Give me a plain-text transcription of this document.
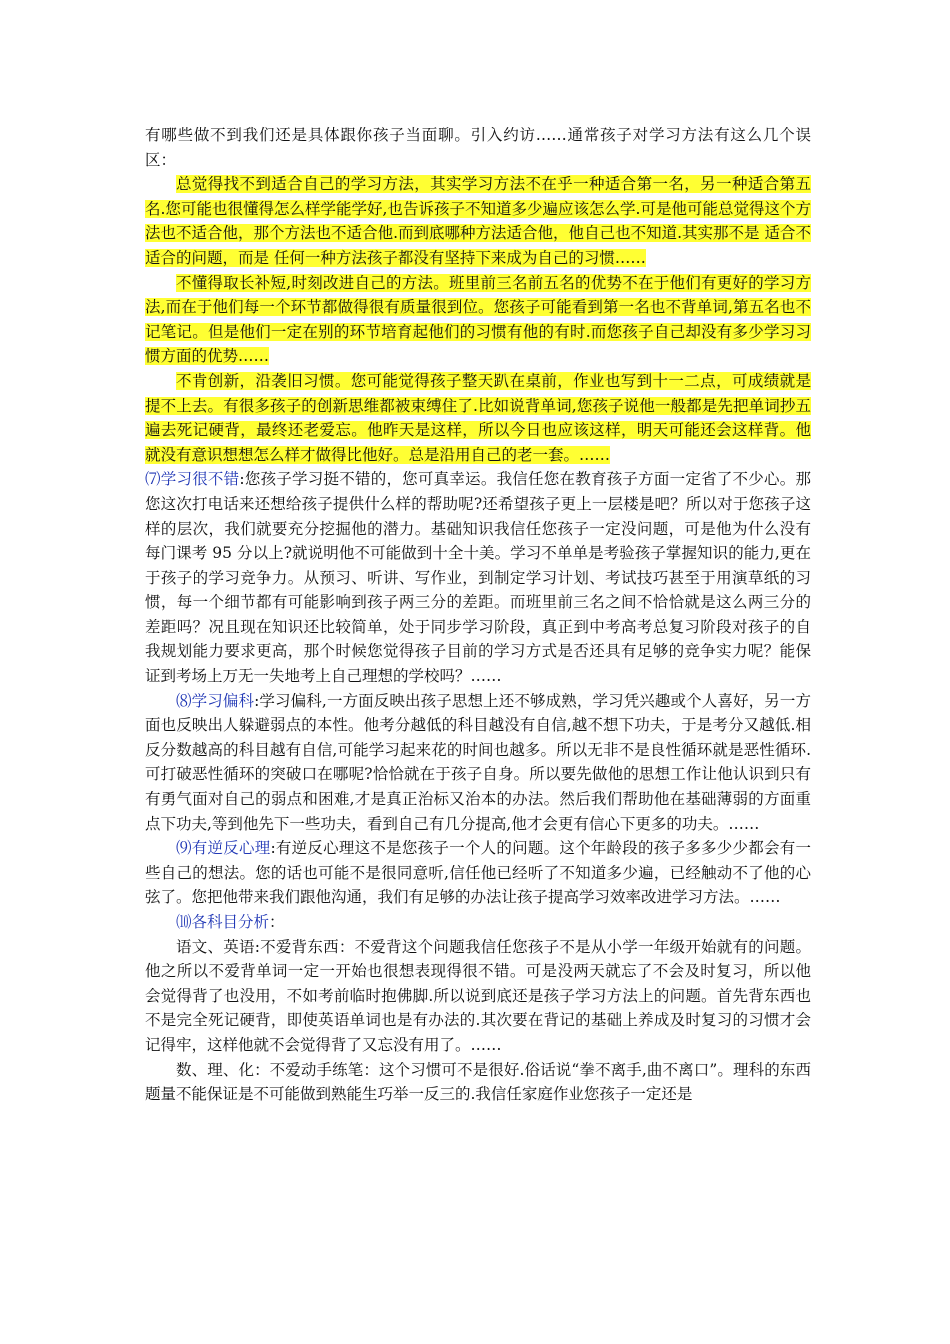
有哪些做不到我们还是具体跟你孩子当面聊。引入约访……通常孩子对学习方法有这么几个误区：

总觉得找不到适合自己的学习方法，其实学习方法不在乎一种适合第一名，另一种适合第五名.您可能也很懂得怎么样学能学好,也告诉孩子不知道多少遍应该怎么学.可是他可能总觉得这个方法也不适合他，那个方法也不适合他.而到底哪种方法适合他，他自己也不知道.其实那不是 适合不适合的问题，而是 任何一种方法孩子都没有坚持下来成为自己的习惯……

不懂得取长补短,时刻改进自己的方法。班里前三名前五名的优势不在于他们有更好的学习方法,而在于他们每一个环节都做得很有质量很到位。您孩子可能看到第一名也不背单词,第五名也不记笔记。但是他们一定在别的环节培育起他们的习惯有他的有时.而您孩子自己却没有多少学习习惯方面的优势……

不肯创新，沿袭旧习惯。您可能觉得孩子整天趴在桌前，作业也写到十一二点，可成绩就是提不上去。有很多孩子的创新思维都被束缚住了.比如说背单词,您孩子说他一般都是先把单词抄五遍去死记硬背，最终还老爱忘。他昨天是这样，所以今日也应该这样，明天可能还会这样背。他就没有意识想想怎么样才做得比他好。总是沿用自己的老一套。……

⑺学习很不错:您孩子学习挺不错的，您可真幸运。我信任您在教育孩子方面一定省了不少心。那您这次打电话来还想给孩子提供什么样的帮助呢?还希望孩子更上一层楼是吧？所以对于您孩子这样的层次，我们就要充分挖掘他的潜力。基础知识我信任您孩子一定没问题，可是他为什么没有每门课考 95 分以上?就说明他不可能做到十全十美。学习不单单是考验孩子掌握知识的能力,更在于孩子的学习竞争力。从预习、听讲、写作业，到制定学习计划、考试技巧甚至于用演草纸的习惯，每一个细节都有可能影响到孩子两三分的差距。而班里前三名之间不恰恰就是这么两三分的差距吗？况且现在知识还比较简单，处于同步学习阶段，真正到中考高考总复习阶段对孩子的自我规划能力要求更高，那个时候您觉得孩子目前的学习方式是否还具有足够的竞争实力呢？能保证到考场上万无一失地考上自己理想的学校吗？……

⑻学习偏科:学习偏科,一方面反映出孩子思想上还不够成熟，学习凭兴趣或个人喜好，另一方面也反映出人躲避弱点的本性。他考分越低的科目越没有自信,越不想下功夫，于是考分又越低.相反分数越高的科目越有自信,可能学习起来花的时间也越多。所以无非不是良性循环就是恶性循环.可打破恶性循环的突破口在哪呢?恰恰就在于孩子自身。所以要先做他的思想工作让他认识到只有有勇气面对自己的弱点和困难,才是真正治标又治本的办法。然后我们帮助他在基础薄弱的方面重点下功夫,等到他先下一些功夫，看到自己有几分提高,他才会更有信心下更多的功夫。……

⑼有逆反心理:有逆反心理这不是您孩子一个人的问题。这个年龄段的孩子多多少少都会有一些自己的想法。您的话也可能不是很同意听,信任他已经听了不知道多少遍，已经触动不了他的心弦了。您把他带来我们跟他沟通，我们有足够的办法让孩子提高学习效率改进学习方法。……

⑽各科目分析：

语文、英语:不爱背东西：不爱背这个问题我信任您孩子不是从小学一年级开始就有的问题。他之所以不爱背单词一定一开始也很想表现得很不错。可是没两天就忘了不会及时复习，所以他会觉得背了也没用，不如考前临时抱佛脚.所以说到底还是孩子学习方法上的问题。首先背东西也不是完全死记硬背，即使英语单词也是有办法的.其次要在背记的基础上养成及时复习的习惯才会记得牢，这样他就不会觉得背了又忘没有用了。……

数、理、化：不爱动手练笔：这个习惯可不是很好.俗话说“拳不离手,曲不离口”。理科的东西题量不能保证是不可能做到熟能生巧举一反三的.我信任家庭作业您孩子一定还是
